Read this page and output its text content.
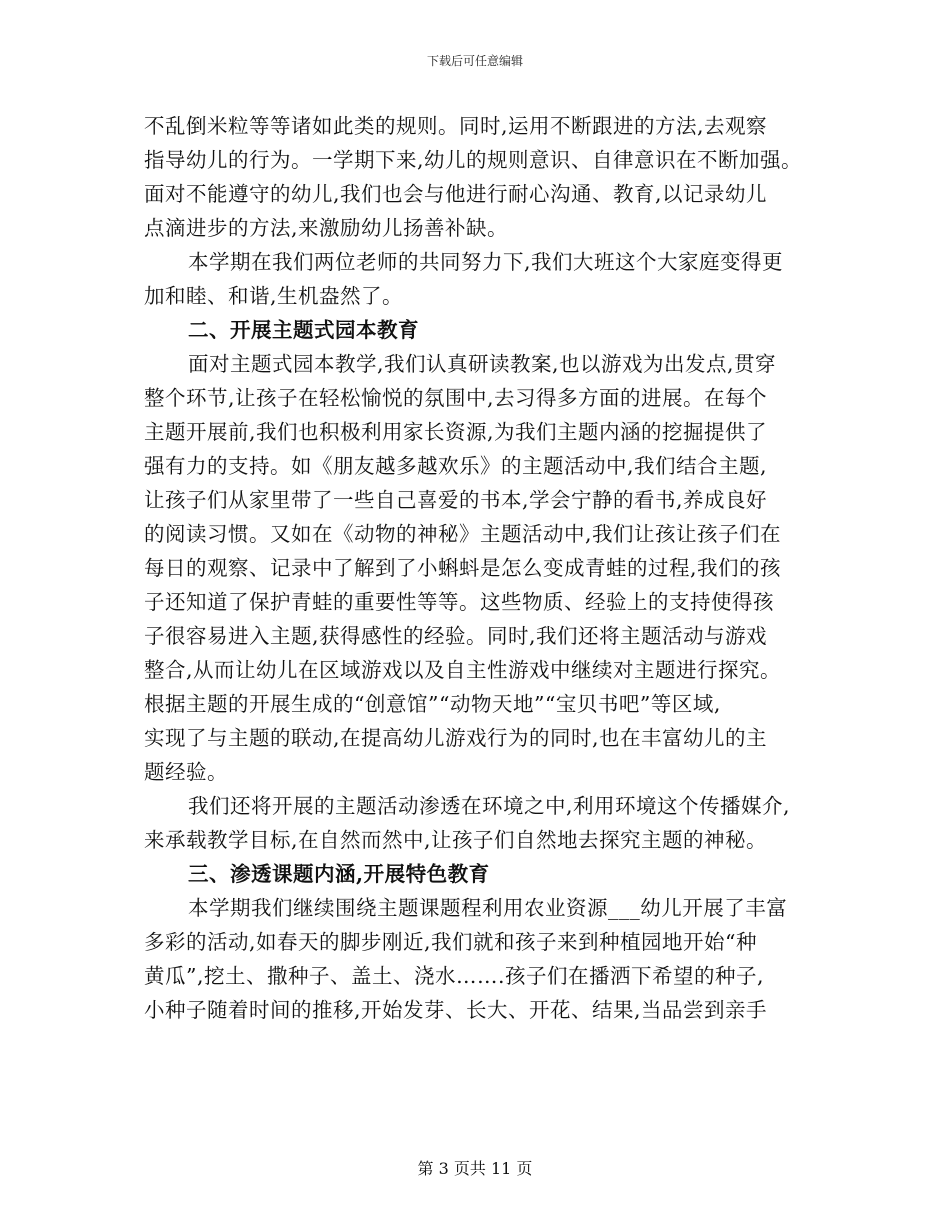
下载后可任意编辑
不乱倒米粒等等诸如此类的规则。同时,运用不断跟进的方法,去观察
指导幼儿的行为。一学期下来,幼儿的规则意识、自律意识在不断加强。
面对不能遵守的幼儿,我们也会与他进行耐心沟通、教育,以记录幼儿
点滴进步的方法,来激励幼儿扬善补缺。
本学期在我们两位老师的共同努力下,我们大班这个大家庭变得更
加和睦、和谐,生机盎然了。
二、开展主题式园本教育
面对主题式园本教学,我们认真研读教案,也以游戏为出发点,贯穿
整个环节,让孩子在轻松愉悦的氛围中,去习得多方面的进展。在每个
主题开展前,我们也积极利用家长资源,为我们主题内涵的挖掘提供了
强有力的支持。如《朋友越多越欢乐》的主题活动中,我们结合主题,
让孩子们从家里带了一些自己喜爱的书本,学会宁静的看书,养成良好
的阅读习惯。又如在《动物的神秘》主题活动中,我们让孩让孩子们在
每日的观察、记录中了解到了小蝌蚪是怎么变成青蛙的过程,我们的孩
子还知道了保护青蛙的重要性等等。这些物质、经验上的支持使得孩
子很容易进入主题,获得感性的经验。同时,我们还将主题活动与游戏
整合,从而让幼儿在区域游戏以及自主性游戏中继续对主题进行探究。
根据主题的开展生成的“创意馆”“动物天地”“宝贝书吧”等区域,
实现了与主题的联动,在提高幼儿游戏行为的同时,也在丰富幼儿的主
题经验。
我们还将开展的主题活动渗透在环境之中,利用环境这个传播媒介,
来承载教学目标,在自然而然中,让孩子们自然地去探究主题的神秘。
三、渗透课题内涵,开展特色教育
本学期我们继续围绕主题课题程利用农业资源___幼儿开展了丰富
多彩的活动,如春天的脚步刚近,我们就和孩子来到种植园地开始“种
黄瓜”,挖土、撒种子、盖土、浇水…….孩子们在播洒下希望的种子,
小种子随着时间的推移,开始发芽、长大、开花、结果,当品尝到亲手
第 3 页共 11 页
